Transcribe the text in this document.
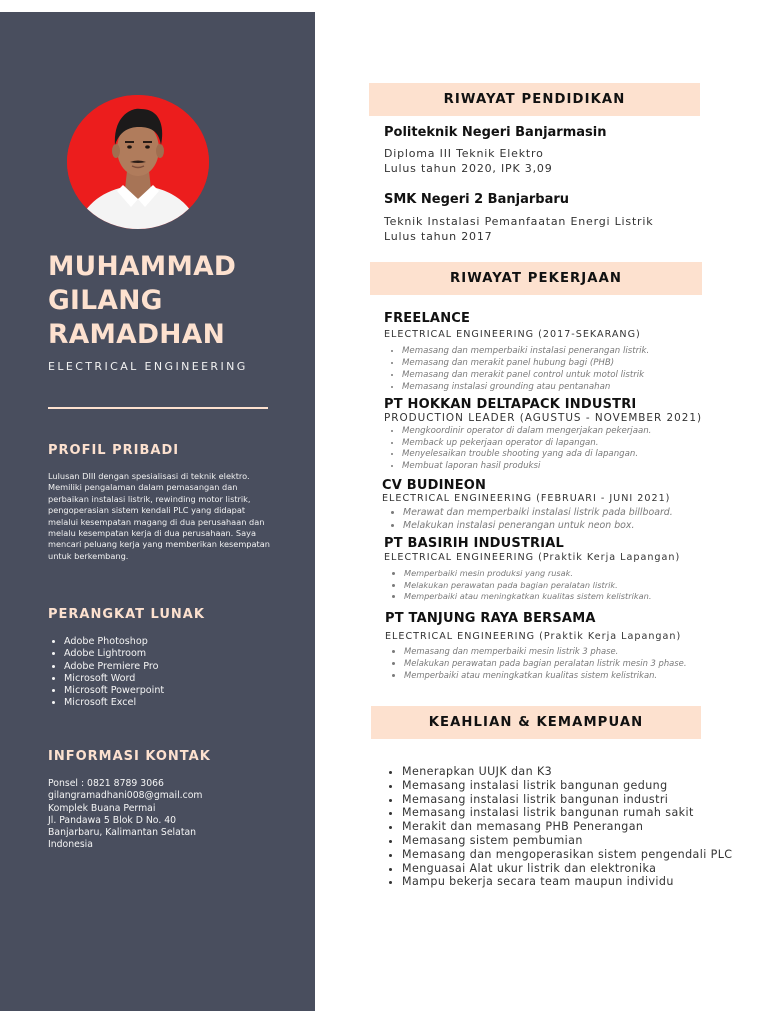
MUHAMMAD
GILANG
RAMADHAN
ELECTRICAL ENGINEERING
PROFIL PRIBADI

Lulusan DIII dengan spesialisasi di teknik elektro. Memiliki pengalaman dalam pemasangan dan perbaikan instalasi listrik, rewinding motor listrik, pengoperasian sistem kendali PLC yang didapat melalui kesempatan magang di dua perusahaan dan melalu kesempatan kerja di dua perusahaan. Saya mencari peluang kerja yang memberikan kesempatan untuk berkembang.

PERANGKAT LUNAK
• Adobe Photoshop
• Adobe Lightroom
• Adobe Premiere Pro
• Microsoft Word
• Microsoft Powerpoint
• Microsoft Excel
INFORMASI KONTAK
Ponsel : 0821 8789 3066
gilangramadhani008@gmail.com
Komplek Buana Permai
Jl. Pandawa 5 Blok D No. 40
Banjarbaru, Kalimantan Selatan
Indonesia
RIWAYAT PENDIDIKAN
Politeknik Negeri Banjarmasin
Diploma III Teknik Elektro
Lulus tahun 2020, IPK 3,09
SMK Negeri 2 Banjarbaru
Teknik Instalasi Pemanfaatan Energi Listrik
Lulus tahun 2017
RIWAYAT PEKERJAAN
FREELANCE
ELECTRICAL ENGINEERING (2017-SEKARANG)
• Memasang dan memperbaiki instalasi penerangan listrik.
• Memasang dan merakit panel hubung bagi (PHB)
• Memasang dan merakit panel control untuk motol listrik
• Memasang instalasi grounding atau pentanahan
PT HOKKAN DELTAPACK INDUSTRI
PRODUCTION LEADER (AGUSTUS - NOVEMBER 2021)
• Mengkoordinir operator di dalam mengerjakan pekerjaan.
• Memback up pekerjaan operator di lapangan.
• Menyelesaikan trouble shooting yang ada di lapangan.
• Membuat laporan hasil produksi
CV BUDINEON
ELECTRICAL ENGINEERING (FEBRUARI - JUNI 2021)
• Merawat dan memperbaiki instalasi listrik pada billboard.
• Melakukan instalasi penerangan untuk neon box.
PT BASIRIH INDUSTRIAL
ELECTRICAL ENGINEERING (Praktik Kerja Lapangan)
• Memperbaiki mesin produksi yang rusak.
• Melakukan perawatan pada bagian peralatan listrik.
• Memperbaiki atau meningkatkan kualitas sistem kelistrikan.
PT TANJUNG RAYA BERSAMA
ELECTRICAL ENGINEERING (Praktik Kerja Lapangan)
• Memasang dan memperbaiki mesin listrik 3 phase.
• Melakukan perawatan pada bagian peralatan listrik mesin 3 phase.
• Memperbaiki atau meningkatkan kualitas sistem kelistrikan.
KEAHLIAN & KEMAMPUAN
• Menerapkan UUJK dan K3
• Memasang instalasi listrik bangunan gedung
• Memasang instalasi listrik bangunan industri
• Memasang instalasi listrik bangunan rumah sakit
• Merakit dan memasang PHB Penerangan
• Memasang sistem pembumian
• Memasang dan mengoperasikan sistem pengendali PLC
• Menguasai Alat ukur listrik dan elektronika
• Mampu bekerja secara team maupun individu
